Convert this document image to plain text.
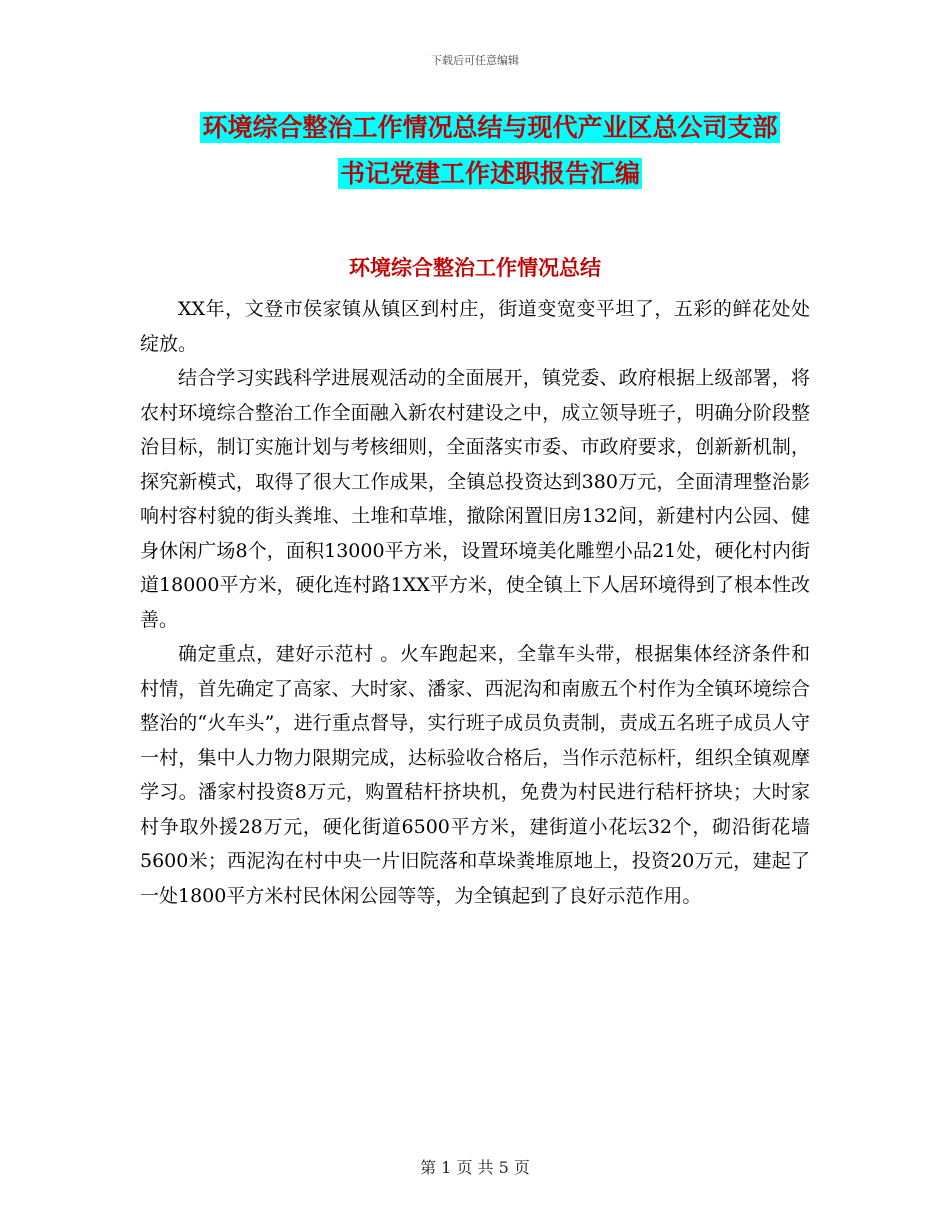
下载后可任意编辑
环境综合整治工作情况总结与现代产业区总公司支部
书记党建工作述职报告汇编
环境综合整治工作情况总结

XX年，文登市侯家镇从镇区到村庄，街道变宽变平坦了，五彩的鲜花处处绽放。

结合学习实践科学进展观活动的全面展开，镇党委、政府根据上级部署，将农村环境综合整治工作全面融入新农村建设之中，成立领导班子，明确分阶段整治目标，制订实施计划与考核细则，全面落实市委、市政府要求，创新新机制，探究新模式，取得了很大工作成果，全镇总投资达到380万元，全面清理整治影响村容村貌的街头粪堆、土堆和草堆，撤除闲置旧房132间，新建村内公园、健身休闲广场8个，面积13000平方米，设置环境美化雕塑小品21处，硬化村内街道18000平方米，硬化连村路1XX平方米，使全镇上下人居环境得到了根本性改善。

确定重点，建好示范村 。火车跑起来，全靠车头带，根据集体经济条件和村情，首先确定了高家、大时家、潘家、西泥沟和南廒五个村作为全镇环境综合整治的“火车头”，进行重点督导，实行班子成员负责制，责成五名班子成员人守一村，集中人力物力限期完成，达标验收合格后，当作示范标杆，组织全镇观摩学习。潘家村投资8万元，购置秸杆挤块机，免费为村民进行秸杆挤块；大时家村争取外援28万元，硬化街道6500平方米，建街道小花坛32个，砌沿街花墙5600米；西泥沟在村中央一片旧院落和草垛粪堆原地上，投资20万元，建起了一处1800平方米村民休闲公园等等，为全镇起到了良好示范作用。

第 1 页 共 5 页
